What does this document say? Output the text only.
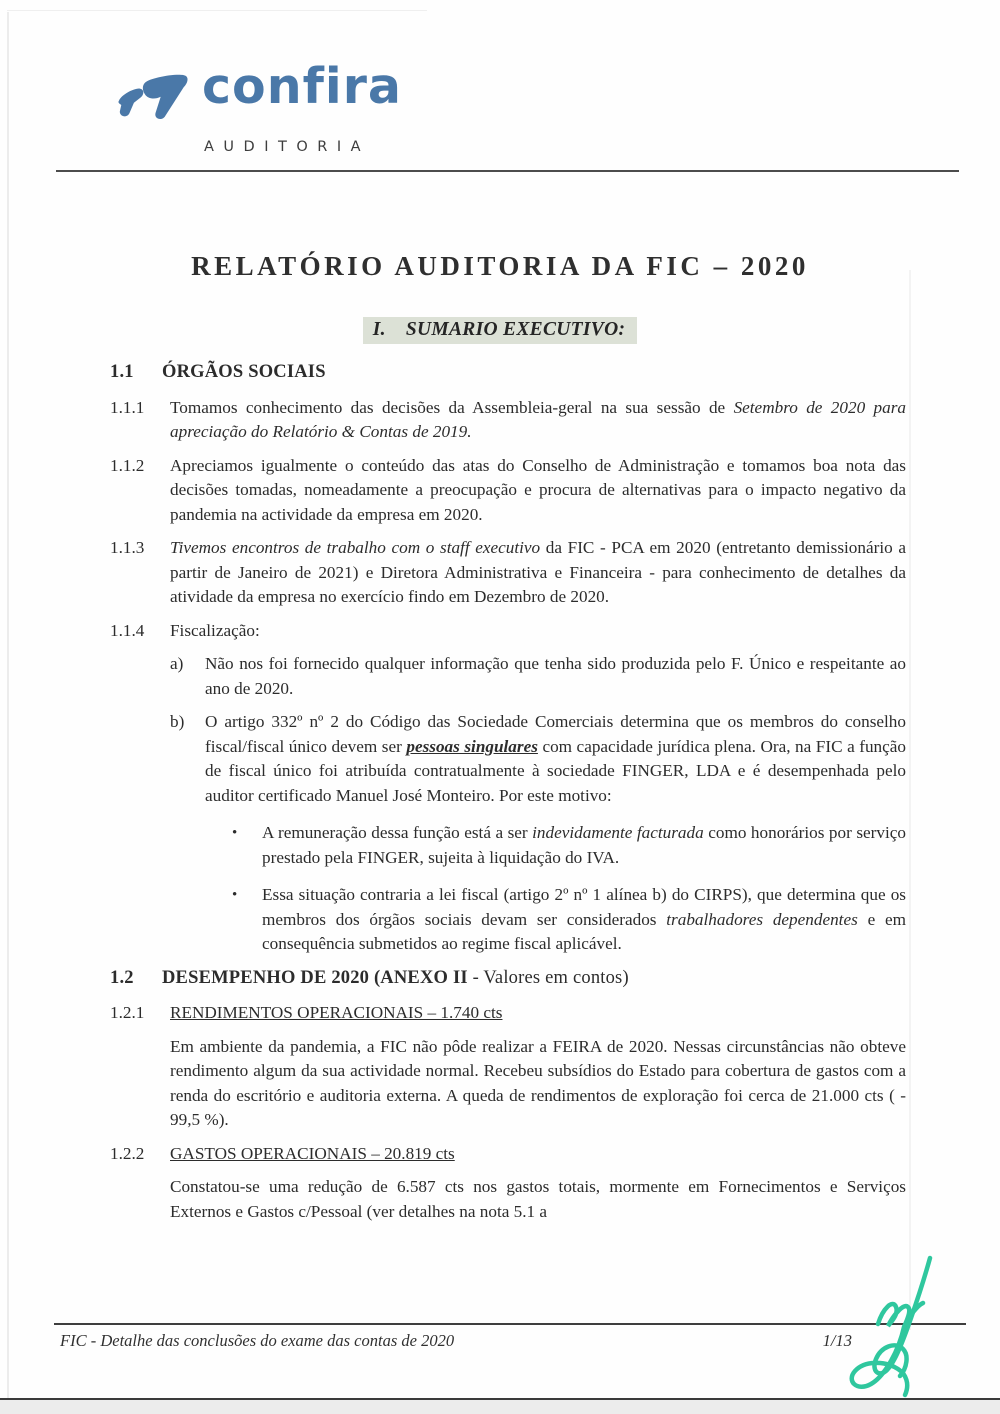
confira
AUDITORIA
RELATÓRIO AUDITORIA DA FIC – 2020
I. SUMARIO EXECUTIVO:
1.1	ÓRGÃOS SOCIAIS
1.1.1	Tomamos conhecimento das decisões da Assembleia-geral na sua sessão de Setembro de 2020 para apreciação do Relatório & Contas de 2019.
1.1.2	Apreciamos igualmente o conteúdo das atas do Conselho de Administração e tomamos boa nota das decisões tomadas, nomeadamente a preocupação e procura de alternativas para o impacto negativo da pandemia na actividade da empresa em 2020.
1.1.3	Tivemos encontros de trabalho com o staff executivo da FIC - PCA em 2020 (entretanto demissionário a partir de Janeiro de 2021) e Diretora Administrativa e Financeira - para conhecimento de detalhes da atividade da empresa no exercício findo em Dezembro de 2020.
1.1.4	Fiscalização:
a)	Não nos foi fornecido qualquer informação que tenha sido produzida pelo F. Único e respeitante ao ano de 2020.
b)	O artigo 332º nº 2 do Código das Sociedade Comerciais determina que os membros do conselho fiscal/fiscal único devem ser pessoas singulares com capacidade jurídica plena. Ora, na FIC a função de fiscal único foi atribuída contratualmente à sociedade FINGER, LDA e é desempenhada pelo auditor certificado Manuel José Monteiro. Por este motivo:
•	A remuneração dessa função está a ser indevidamente facturada como honorários por serviço prestado pela FINGER, sujeita à liquidação do IVA.
•	Essa situação contraria a lei fiscal (artigo 2º nº 1 alínea b) do CIRPS), que determina que os membros dos órgãos sociais devam ser considerados trabalhadores dependentes e em consequência submetidos ao regime fiscal aplicável.
1.2	DESEMPENHO DE 2020 (ANEXO II - Valores em contos)
1.2.1	RENDIMENTOS OPERACIONAIS – 1.740 cts
Em ambiente da pandemia, a FIC não pôde realizar a FEIRA de 2020. Nessas circunstâncias não obteve rendimento algum da sua actividade normal. Recebeu subsídios do Estado para cobertura de gastos com a renda do escritório e auditoria externa. A queda de rendimentos de exploração foi cerca de 21.000 cts ( - 99,5 %).
1.2.2	GASTOS OPERACIONAIS – 20.819 cts
Constatou-se uma redução de 6.587 cts nos gastos totais, mormente em Fornecimentos e Serviços Externos e Gastos c/Pessoal (ver detalhes na nota 5.1 a
FIC - Detalhe das conclusões do exame das contas de 2020	1/13
